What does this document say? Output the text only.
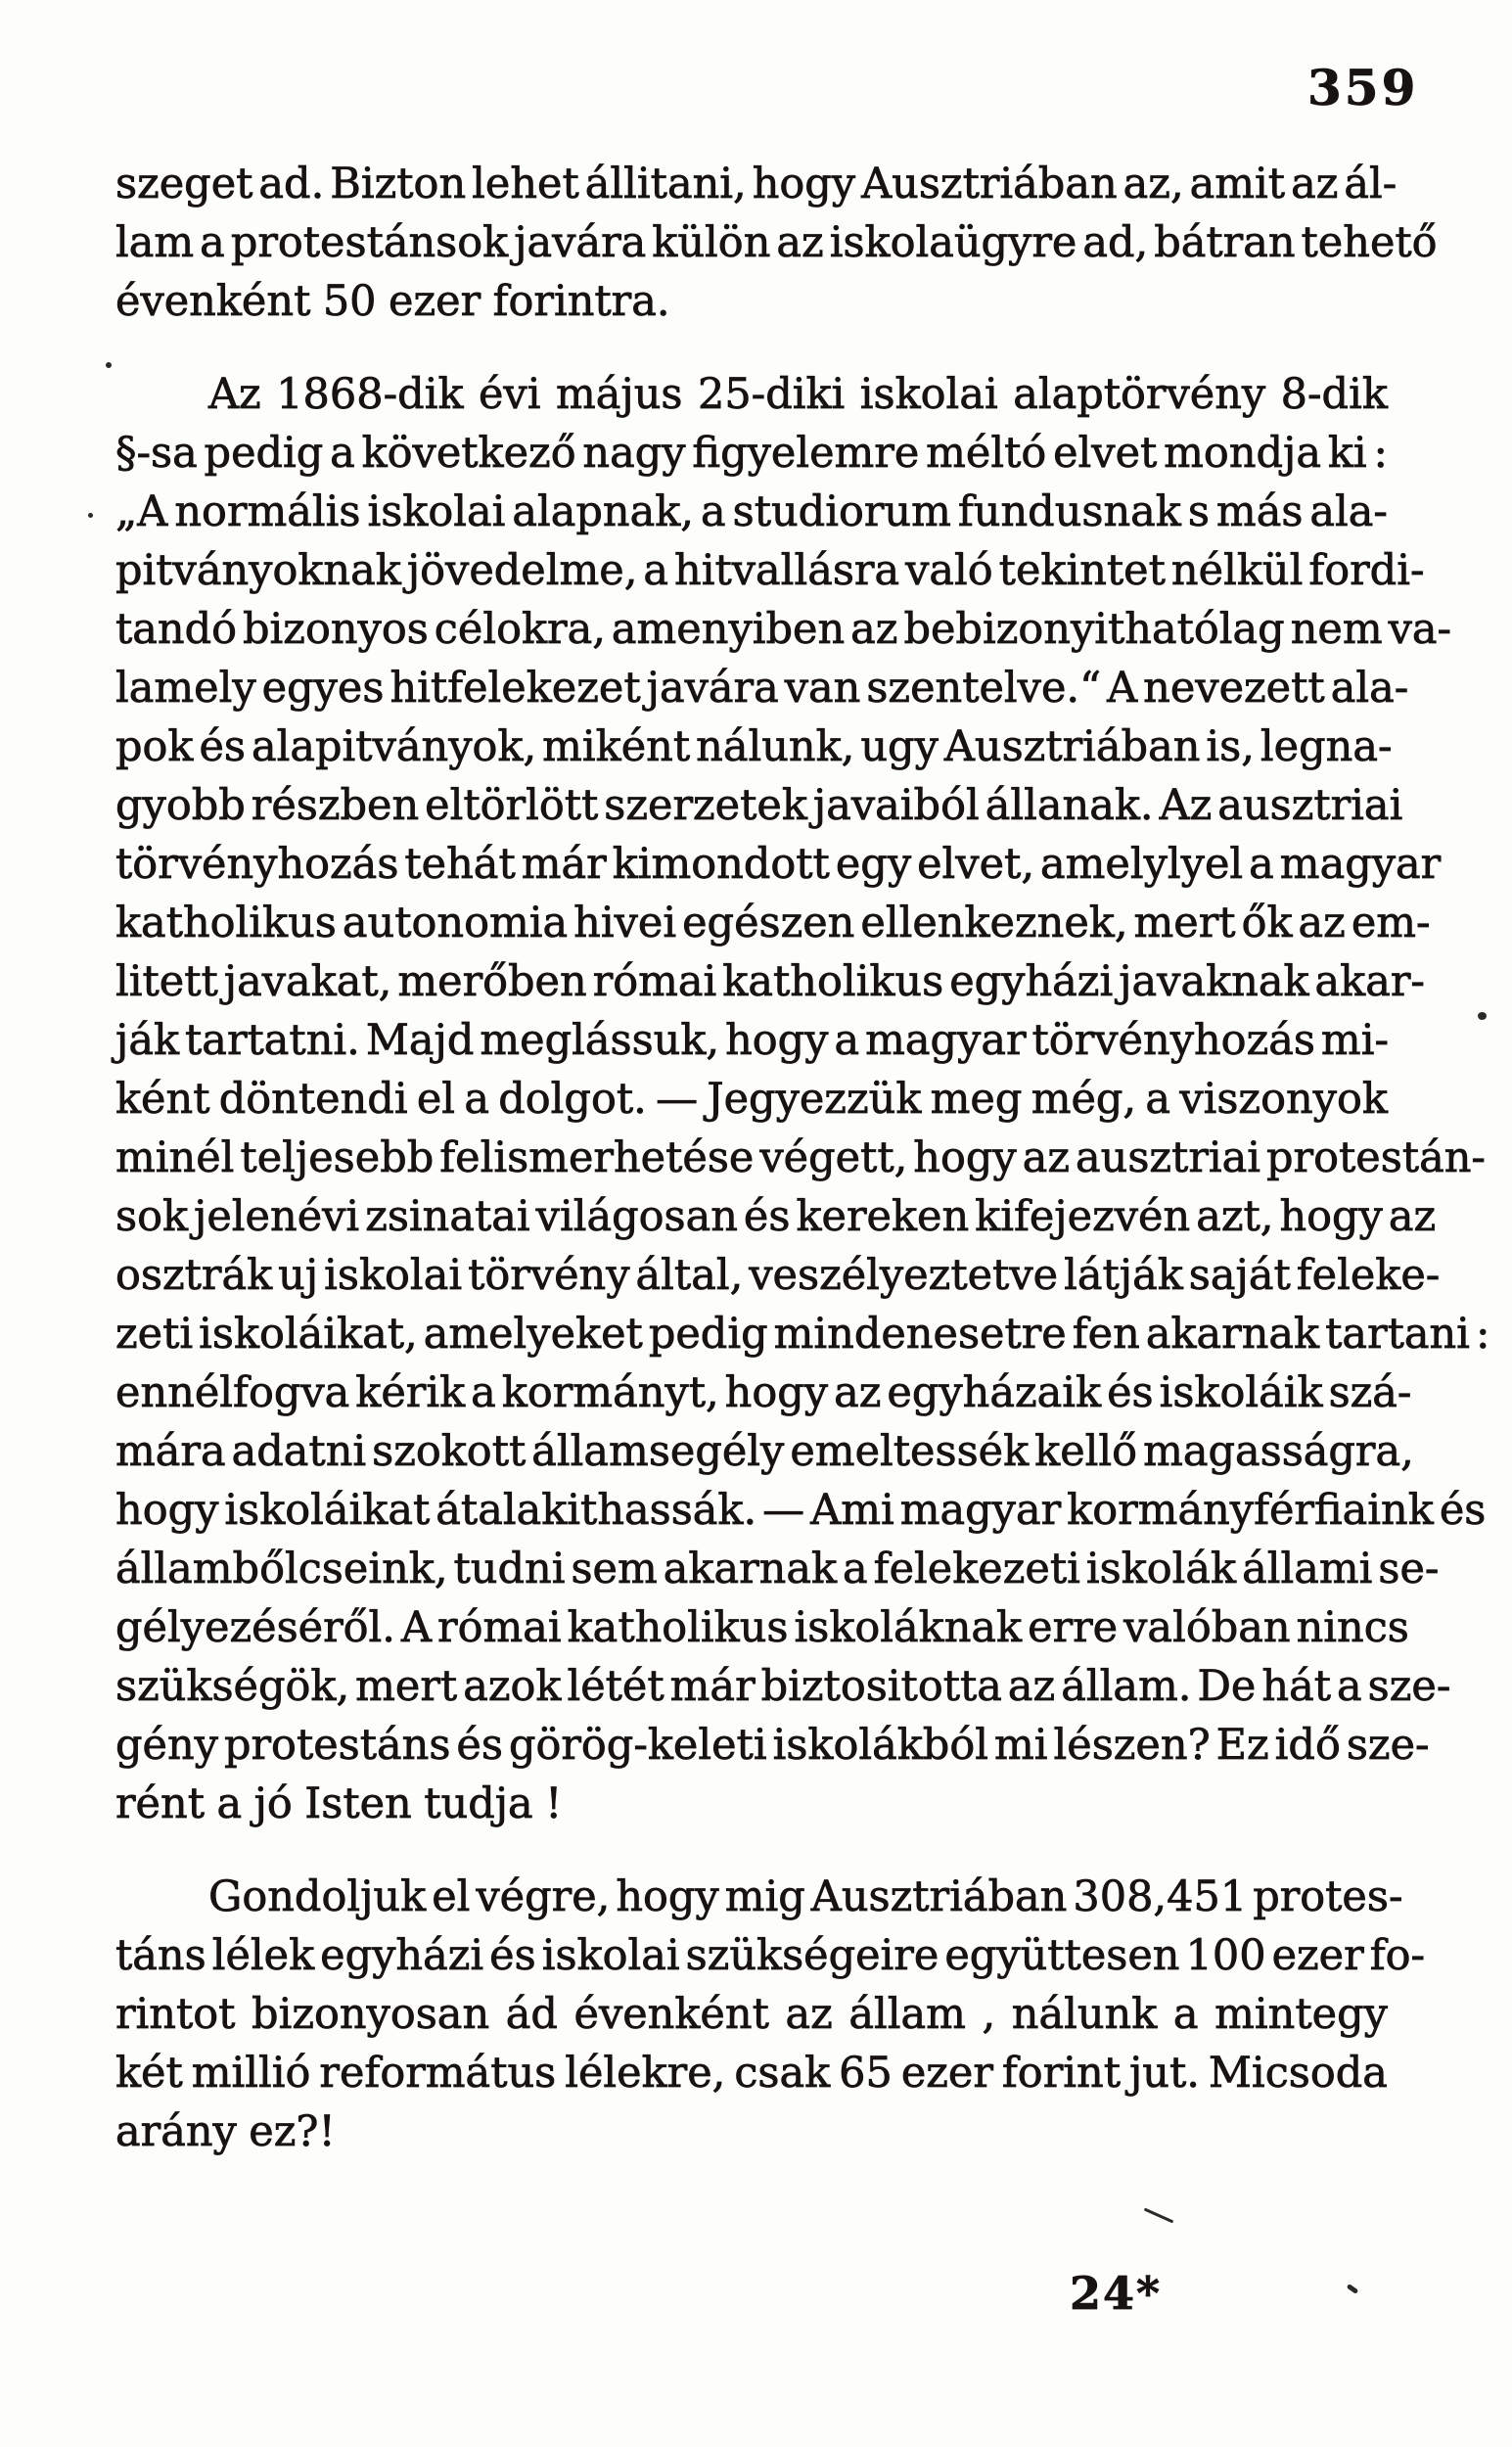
359
szeget ad. Bizton lehet állitani, hogy Ausztriában az, amit az ál-
lam a protestánsok javára külön az iskolaügyre ad, bátran tehető
évenként 50 ezer forintra.
Az 1868-dik évi május 25-diki iskolai alaptörvény 8-dik
§-sa pedig a következő nagy figyelemre méltó elvet mondja ki :
„A normális iskolai alapnak, a studiorum fundusnak s más ala-
pitványoknak jövedelme, a hitvallásra való tekintet nélkül fordi-
tandó bizonyos célokra, amenyiben az bebizonyithatólag nem va-
lamely egyes hitfelekezet javára van szentelve.“ A nevezett ala-
pok és alapitványok, miként nálunk, ugy Ausztriában is, legna-
gyobb részben eltörlött szerzetek javaiból állanak. Az ausztriai
törvényhozás tehát már kimondott egy elvet, amelylyel a magyar
katholikus autonomia hivei egészen ellenkeznek, mert ők az em-
litett javakat, merőben római katholikus egyházi javaknak akar-
ják tartatni. Majd meglássuk, hogy a magyar törvényhozás mi-
ként döntendi el a dolgot. — Jegyezzük meg még, a viszonyok
minél teljesebb felismerhetése végett, hogy az ausztriai protestán-
sok jelenévi zsinatai világosan és kereken kifejezvén azt, hogy az
osztrák uj iskolai törvény által, veszélyeztetve látják saját feleke-
zeti iskoláikat, amelyeket pedig mindenesetre fen akarnak tartani :
ennélfogva kérik a kormányt, hogy az egyházaik és iskoláik szá-
mára adatni szokott államsegély emeltessék kellő magasságra,
hogy iskoláikat átalakithassák. — Ami magyar kormányférfiaink és
állambőlcseink, tudni sem akarnak a felekezeti iskolák állami se-
gélyezéséről. A római katholikus iskoláknak erre valóban nincs
szükségök, mert azok létét már biztositotta az állam. De hát a sze-
gény protestáns és görög-keleti iskolákból mi lészen? Ez idő sze-
rént a jó Isten tudja !
Gondoljuk el végre, hogy mig Ausztriában 308,451 protes-
táns lélek egyházi és iskolai szükségeire együttesen 100 ezer fo-
rintot bizonyosan ád évenként az állam , nálunk a mintegy
két millió református lélekre, csak 65 ezer forint jut. Micsoda
arány ez?!
24*
